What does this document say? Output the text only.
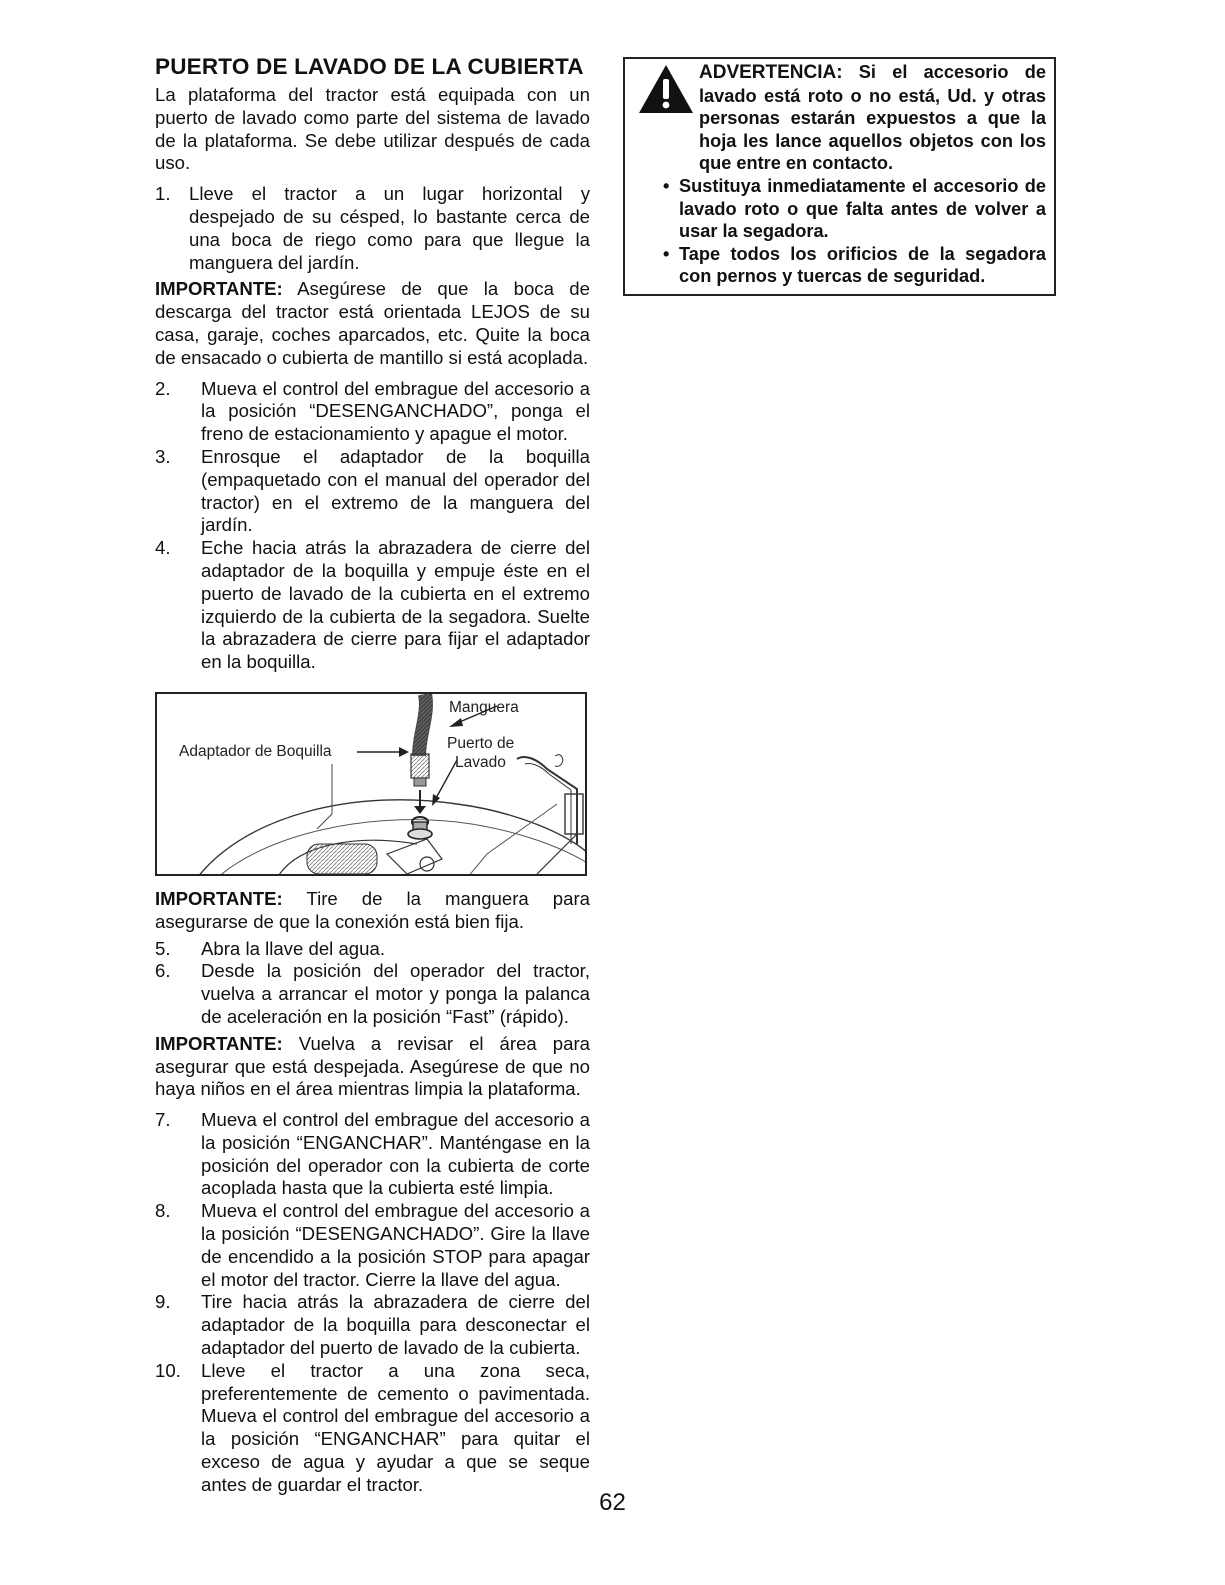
PUERTO DE LAVADO DE LA CUBIERTA

La plataforma del tractor está equipada con un puerto de lavado como parte del sistema de lavado de la plataforma. Se debe utilizar después de cada uso.

1. Lleve el tractor a un lugar horizontal y despejado de su césped, lo bastante cerca de una boca de riego como para que llegue la manguera del jardín.

IMPORTANTE: Asegúrese de que la boca de descarga del tractor está orientada LEJOS de su casa, garaje, coches aparcados, etc. Quite la boca de ensacado o cubierta de mantillo si está acoplada.

2.	Mueva el control del embrague del accesorio a la posición “DESENGANCHADO”, ponga el freno de estacionamiento y apague el motor.
3.	Enrosque el adaptador de la boquilla (empaquetado con el manual del operador del tractor) en el extremo de la manguera del jardín.
4.	Eche hacia atrás la abrazadera de cierre del adaptador de la boquilla y empuje éste en el puerto de lavado de la cubierta en el extremo izquierdo de la cubierta de la segadora. Suelte la abrazadera de cierre para fijar el adaptador en la boquilla.
Manguera
Adaptador de Boquilla	Puerto de
Lavado

IMPORTANTE: Tire de la manguera para asegurarse de que la conexión está bien fija.

5.	Abra la llave del agua.
6.	Desde la posición del operador del tractor, vuelva a arrancar el motor y ponga la palanca de aceleración en la posición “Fast” (rápido).

IMPORTANTE: Vuelva a revisar el área para asegurar que está despejada. Asegúrese de que no haya niños en el área mientras limpia la plataforma.

7.	Mueva el control del embrague del accesorio a la posición “ENGANCHAR”. Manténgase en la posición del operador con la cubierta de corte acoplada hasta que la cubierta esté limpia.
8.	Mueva el control del embrague del accesorio a la posición “DESENGANCHADO”. Gire la llave de encendido a la posición STOP para apagar el motor del tractor. Cierre la llave del agua.
9.	Tire hacia atrás la abrazadera de cierre del adaptador de la boquilla para desconectar el adaptador del puerto de lavado de la cubierta.
10.	Lleve el tractor a una zona seca, preferentemente de cemento o pavimentada. Mueva el control del embrague del accesorio a la posición “ENGANCHAR” para quitar el exceso de agua y ayudar a que se seque antes de guardar el tractor.
ADVERTENCIA: Si el accesorio de lavado está roto o no está, Ud. y otras personas estarán expuestos a que la hoja les lance aquellos objetos con los que entre en contacto.
• Sustituya inmediatamente el accesorio de lavado roto o que falta antes de volver a usar la segadora.
• Tape todos los orificios de la segadora con pernos y tuercas de seguridad.
62
